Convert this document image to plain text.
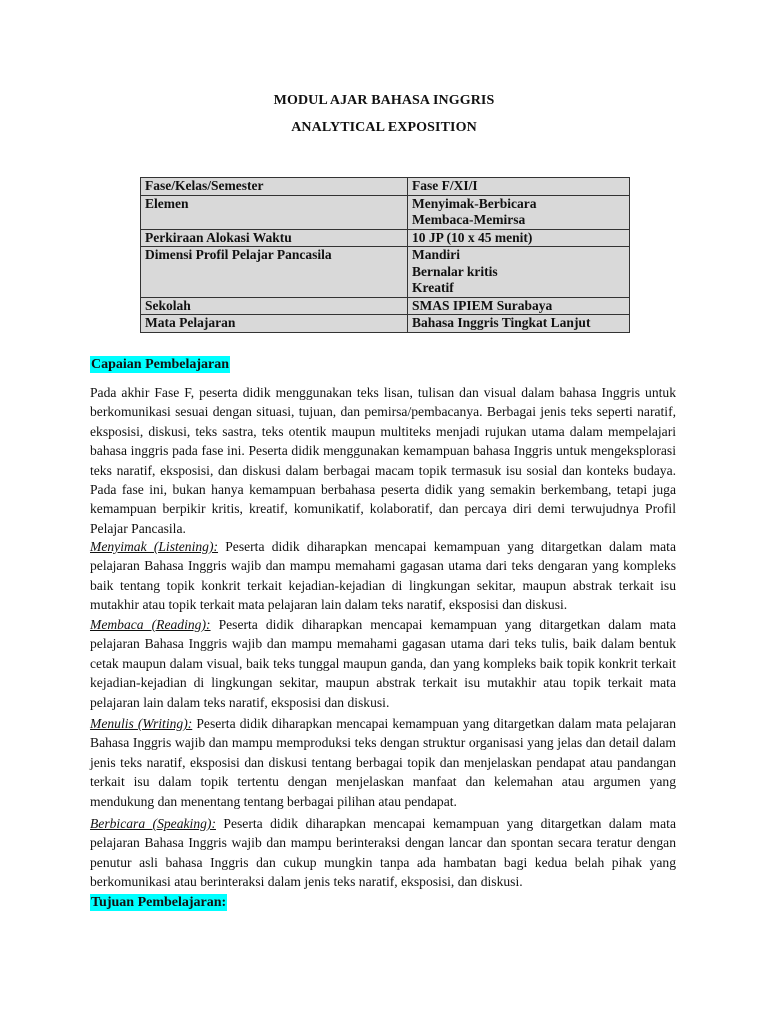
MODUL AJAR BAHASA INGGRIS
ANALYTICAL EXPOSITION
Fase/Kelas/Semester	Fase F/XI/I

Elemen	Menyimak-Berbicara
Membaca-Memirsa

Perkiraan Alokasi Waktu	10 JP (10 x 45 menit)

Dimensi Profil Pelajar Pancasila	Mandiri
Bernalar kritis
Kreatif

Sekolah	SMAS IPIEM Surabaya

Mata Pelajaran	Bahasa Inggris Tingkat Lanjut
Capaian Pembelajaran

Pada akhir Fase F, peserta didik menggunakan teks lisan, tulisan dan visual dalam bahasa Inggris untuk berkomunikasi sesuai dengan situasi, tujuan, dan pemirsa/pembacanya. Berbagai jenis teks seperti naratif, eksposisi, diskusi, teks sastra, teks otentik maupun multiteks menjadi rujukan utama dalam mempelajari bahasa inggris pada fase ini. Peserta didik menggunakan kemampuan bahasa Inggris untuk mengeksplorasi teks naratif, eksposisi, dan diskusi dalam berbagai macam topik termasuk isu sosial dan konteks budaya. Pada fase ini, bukan hanya kemampuan berbahasa peserta didik yang semakin berkembang, tetapi juga kemampuan berpikir kritis, kreatif, komunikatif, kolaboratif, dan percaya diri demi terwujudnya Profil Pelajar Pancasila.

Menyimak (Listening): Peserta didik diharapkan mencapai kemampuan yang ditargetkan dalam mata pelajaran Bahasa Inggris wajib dan mampu memahami gagasan utama dari teks dengaran yang kompleks baik tentang topik konkrit terkait kejadian-kejadian di lingkungan sekitar, maupun abstrak terkait isu mutakhir atau topik terkait mata pelajaran lain dalam teks naratif, eksposisi dan diskusi.

Membaca (Reading): Peserta didik diharapkan mencapai kemampuan yang ditargetkan dalam mata pelajaran Bahasa Inggris wajib dan mampu memahami gagasan utama dari teks tulis, baik dalam bentuk cetak maupun dalam visual, baik teks tunggal maupun ganda, dan yang kompleks baik topik konkrit terkait kejadian-kejadian di lingkungan sekitar, maupun abstrak terkait isu mutakhir atau topik terkait mata pelajaran lain dalam teks naratif, eksposisi dan diskusi.

Menulis (Writing): Peserta didik diharapkan mencapai kemampuan yang ditargetkan dalam mata pelajaran Bahasa Inggris wajib dan mampu memproduksi teks dengan struktur organisasi yang jelas dan detail dalam jenis teks naratif, eksposisi dan diskusi tentang berbagai topik dan menjelaskan pendapat atau pandangan terkait isu dalam topik tertentu dengan menjelaskan manfaat dan kelemahan atau argumen yang mendukung dan menentang tentang berbagai pilihan atau pendapat.

Berbicara (Speaking): Peserta didik diharapkan mencapai kemampuan yang ditargetkan dalam mata pelajaran Bahasa Inggris wajib dan mampu berinteraksi dengan lancar dan spontan secara teratur dengan penutur asli bahasa Inggris dan cukup mungkin tanpa ada hambatan bagi kedua belah pihak yang berkomunikasi atau berinteraksi dalam jenis teks naratif, eksposisi, dan diskusi.

Tujuan Pembelajaran:
